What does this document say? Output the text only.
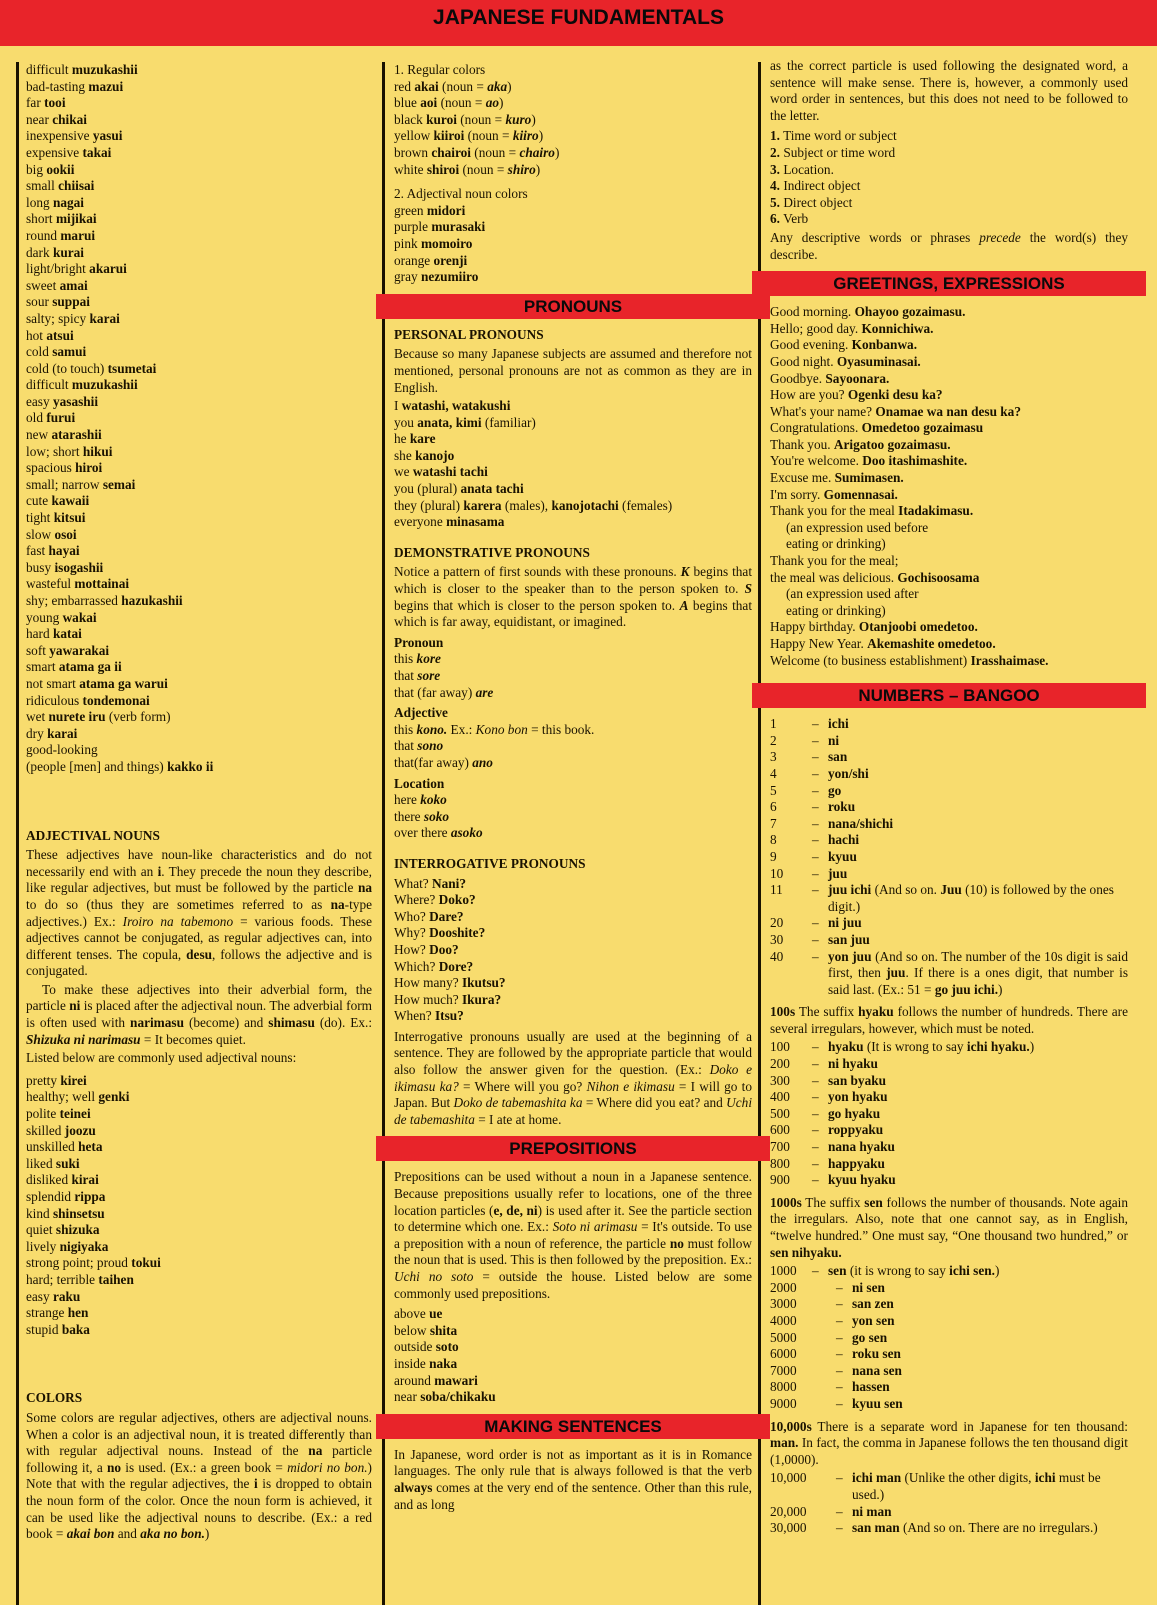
JAPANESE FUNDAMENTALS
difficult muzukashii
bad-tasting mazui
far tooi
near chikai
inexpensive yasui
expensive takai
big ookii
small chiisai
long nagai
short mijikai
round marui
dark kurai
light/bright akarui
sweet amai
sour suppai
salty; spicy karai
hot atsui
cold samui
cold (to touch) tsumetai
difficult muzukashii
easy yasashii
old furui
new atarashii
low; short hikui
spacious hiroi
small; narrow semai
cute kawaii
tight kitsui
slow osoi
fast hayai
busy isogashii
wasteful mottainai
shy; embarrassed hazukashii
young wakai
hard katai
soft yawarakai
smart atama ga ii
not smart atama ga warui
ridiculous tondemonai
wet nurete iru (verb form)
dry karai
good-looking
(people [men] and things) kakko ii
ADJECTIVAL NOUNS
These adjectives have noun-like characteristics and do not necessarily end with an i. They precede the noun they describe, like regular adjectives, but must be followed by the particle na to do so (thus they are sometimes referred to as na-type adjectives.) Ex.: Iroiro na tabemono = various foods. These adjectives cannot be conjugated, as regular adjectives can, into different tenses. The copula, desu, follows the adjective and is conjugated.
To make these adjectives into their adverbial form, the particle ni is placed after the adjectival noun. The adverbial form is often used with narimasu (become) and shimasu (do). Ex.: Shizuka ni narimasu = It becomes quiet.
Listed below are commonly used adjectival nouns:
pretty kirei
healthy; well genki
polite teinei
skilled joozu
unskilled heta
liked suki
disliked kirai
splendid rippa
kind shinsetsu
quiet shizuka
lively nigiyaka
strong point; proud tokui
hard; terrible taihen
easy raku
strange hen
stupid baka
COLORS
Some colors are regular adjectives, others are adjectival nouns. When a color is an adjectival noun, it is treated differently than with regular adjectival nouns. Instead of the na particle following it, a no is used. (Ex.: a green book = midori no bon.) Note that with the regular adjectives, the i is dropped to obtain the noun form of the color. Once the noun form is achieved, it can be used like the adjectival nouns to describe. (Ex.: a red book = akai bon and aka no bon.)
1. Regular colors
red akai (noun = aka)
blue aoi (noun = ao)
black kuroi (noun = kuro)
yellow kiiroi (noun = kiiro)
brown chairoi (noun = chairo)
white shiroi (noun = shiro)
2. Adjectival noun colors
green midori
purple murasaki
pink momoiro
orange orenji
gray nezumiiro
PRONOUNS
PERSONAL PRONOUNS
Because so many Japanese subjects are assumed and therefore not mentioned, personal pronouns are not as common as they are in English.
I watashi, watakushi
you anata, kimi (familiar)
he kare
she kanojo
we watashi tachi
you (plural) anata tachi
they (plural) karera (males), kanojotachi (females)
everyone minasama
DEMONSTRATIVE PRONOUNS
Notice a pattern of first sounds with these pronouns. K begins that which is closer to the speaker than to the person spoken to. S begins that which is closer to the person spoken to. A begins that which is far away, equidistant, or imagined.
Pronoun
this kore
that sore
that (far away) are
Adjective
this kono. Ex.: Kono bon = this book.
that sono
that(far away) ano
Location
here koko
there soko
over there asoko
INTERROGATIVE PRONOUNS
What? Nani?
Where? Doko?
Who? Dare?
Why? Dooshite?
How? Doo?
Which? Dore?
How many? Ikutsu?
How much? Ikura?
When? Itsu?
Interrogative pronouns usually are used at the beginning of a sentence. They are followed by the appropriate particle that would also follow the answer given for the question. (Ex.: Doko e ikimasu ka? = Where will you go? Nihon e ikimasu = I will go to Japan. But Doko de tabemashita ka = Where did you eat? and Uchi de tabemashita = I ate at home.
PREPOSITIONS
Prepositions can be used without a noun in a Japanese sentence. Because prepositions usually refer to locations, one of the three location particles (e, de, ni) is used after it. See the particle section to determine which one. Ex.: Soto ni arimasu = It's outside. To use a preposition with a noun of reference, the particle no must follow the noun that is used. This is then followed by the preposition. Ex.: Uchi no soto = outside the house. Listed below are some commonly used prepositions.
above ue
below shita
outside soto
inside naka
around mawari
near soba/chikaku
MAKING SENTENCES
In Japanese, word order is not as important as it is in Romance languages. The only rule that is always followed is that the verb always comes at the very end of the sentence. Other than this rule, and as long
as the correct particle is used following the designated word, a sentence will make sense. There is, however, a commonly used word order in sentences, but this does not need to be followed to the letter.
1. Time word or subject
2. Subject or time word
3. Location.
4. Indirect object
5. Direct object
6. Verb
Any descriptive words or phrases precede the word(s) they describe.
GREETINGS, EXPRESSIONS
Good morning. Ohayoo gozaimasu.
Hello; good day. Konnichiwa.
Good evening. Konbanwa.
Good night. Oyasuminasai.
Goodbye. Sayoonara.
How are you? Ogenki desu ka?
What's your name? Onamae wa nan desu ka?
Congratulations. Omedetoo gozaimasu
Thank you. Arigatoo gozaimasu.
You're welcome. Doo itashimashite.
Excuse me. Sumimasen.
I'm sorry. Gomennasai.
Thank you for the meal Itadakimasu.
(an expression used before
eating or drinking)
Thank you for the meal;
the meal was delicious. Gochisoosama
(an expression used after
eating or drinking)
Happy birthday. Otanjoobi omedetoo.
Happy New Year. Akemashite omedetoo.
Welcome (to business establishment) Irasshaimase.
NUMBERS – BANGOO
1	– ichi
2	– ni
3	– san
4	– yon/shi
5	– go
6	– roku
7	– nana/shichi
8	– hachi
9	– kyuu
10	– juu
11	– juu ichi (And so on. Juu (10) is followed by the ones digit.)
20	– ni juu
30	– san juu
40	– yon juu (And so on. The number of the 10s digit is said first, then juu. If there is a ones digit, that number is said last. (Ex.: 51 = go juu ichi.)
100s The suffix hyaku follows the number of hundreds. There are several irregulars, however, which must be noted.
100	– hyaku (It is wrong to say ichi hyaku.)
200	– ni hyaku
300	– san byaku
400	– yon hyaku
500	– go hyaku
600	– roppyaku
700	– nana hyaku
800	– happyaku
900	– kyuu hyaku
1000s The suffix sen follows the number of thousands. Note again the irregulars. Also, note that one cannot say, as in English, “twelve hundred.” One must say, “One thousand two hundred,” or sen nihyaku.
1000	– sen (it is wrong to say ichi sen.)
2000	– ni sen
3000	– san zen
4000	– yon sen
5000	– go sen
6000	– roku sen
7000	– nana sen
8000	– hassen
9000	– kyuu sen
10,000s There is a separate word in Japanese for ten thousand: man. In fact, the comma in Japanese follows the ten thousand digit (1,0000).
10,000	– ichi man (Unlike the other digits, ichi must be used.)
20,000	– ni man
30,000	– san man (And so on. There are no irregulars.)
